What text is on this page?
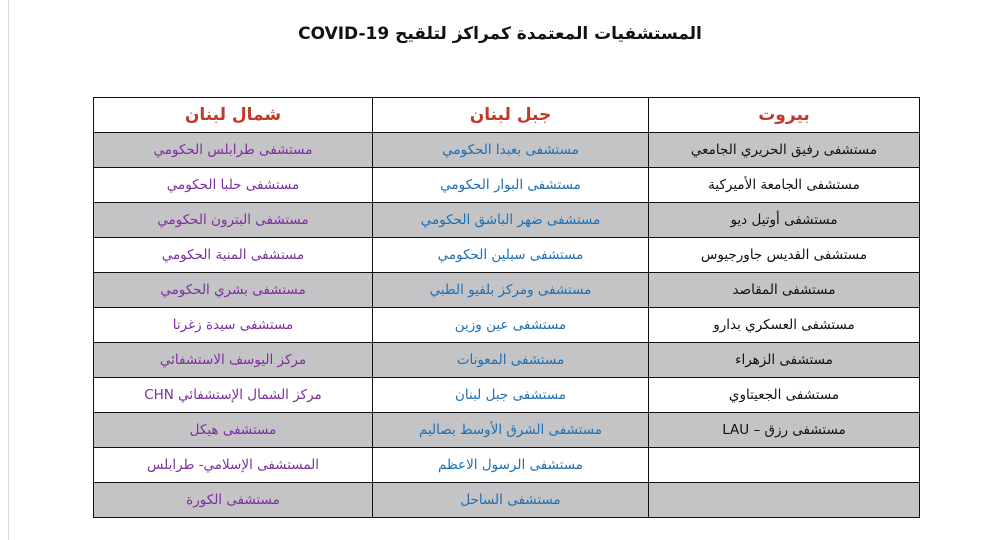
المستشفيات المعتمدة كمراكز لتلقيح COVID-19
بيروت	جبل لبنان	شمال لبنان
مستشفى رفيق الحريري الجامعي	مستشفى بعبدا الحكومي	مستشفى طرابلس الحكومي
مستشفى الجامعة الأميركية	مستشفى البوار الحكومي	مستشفى حلبا الحكومي
مستشفى أوتيل ديو	مستشفى ضهر الباشق الحكومي	مستشفى البترون الحكومي
مستشفى القديس جاورجيوس	مستشفى سبلين الحكومي	مستشفى المنية الحكومي
مستشفى المقاصد	مستشفى ومركز بلفيو الطبي	مستشفى بشري الحكومي
مستشفى العسكري بدارو	مستشفى عين وزين	مستشفى سيدة زغرتا
مستشفى الزهراء	مستشفى المعونات	مركز اليوسف الاستشفائي
مستشفى الجعيتاوي	مستشفى جبل لبنان	مركز الشمال الإستشفائي CHN
مستشفى رزق – LAU	مستشفى الشرق الأوسط بصاليم	مستشفى هيكل
	مستشفى الرسول الاعظم	المستشفى الإسلامي- طرابلس
	مستشفى الساحل	مستشفى الكورة
